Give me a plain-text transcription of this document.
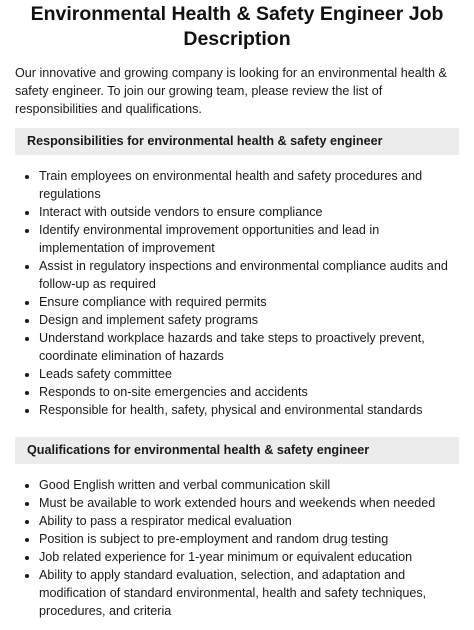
Environmental Health & Safety Engineer Job Description

Our innovative and growing company is looking for an environmental health & safety engineer. To join our growing team, please review the list of responsibilities and qualifications.

Responsibilities for environmental health & safety engineer
• Train employees on environmental health and safety procedures and regulations
• Interact with outside vendors to ensure compliance
• Identify environmental improvement opportunities and lead in implementation of improvement
• Assist in regulatory inspections and environmental compliance audits and follow-up as required
• Ensure compliance with required permits
• Design and implement safety programs
• Understand workplace hazards and take steps to proactively prevent, coordinate elimination of hazards
• Leads safety committee
• Responds to on-site emergencies and accidents
• Responsible for health, safety, physical and environmental standards
Qualifications for environmental health & safety engineer
• Good English written and verbal communication skill
• Must be available to work extended hours and weekends when needed
• Ability to pass a respirator medical evaluation
• Position is subject to pre-employment and random drug testing
• Job related experience for 1-year minimum or equivalent education
• Ability to apply standard evaluation, selection, and adaptation and modification of standard environmental, health and safety techniques, procedures, and criteria
